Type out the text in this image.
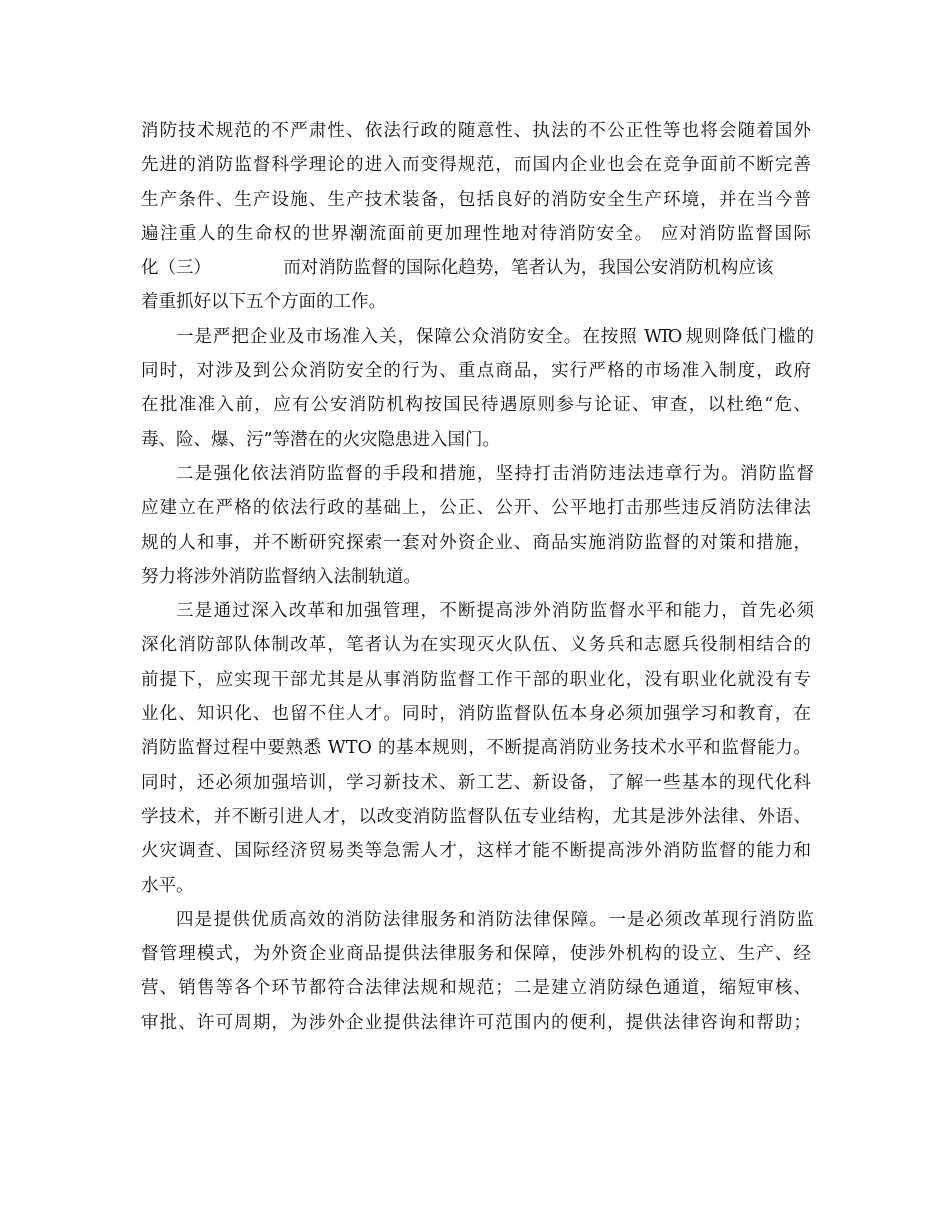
消防技术规范的不严肃性、依法行政的随意性、执法的不公正性等也将会随着国外
先进的消防监督科学理论的进入而变得规范，而国内企业也会在竞争面前不断完善
生产条件、生产设施、生产技术装备，包括良好的消防安全生产环境，并在当今普
遍注重人的生命权的世界潮流面前更加理性地对待消防安全。 应对消防监督国际
化（三）             而对消防监督的国际化趋势，笔者认为，我国公安消防机构应该
着重抓好以下五个方面的工作。
一是严把企业及市场准入关，保障公众消防安全。在按照 WTO 规则降低门槛的
同时，对涉及到公众消防安全的行为、重点商品，实行严格的市场准入制度，政府
在批准准入前，应有公安消防机构按国民待遇原则参与论证、审查，以杜绝“危、
毒、险、爆、污”等潜在的火灾隐患进入国门。
二是强化依法消防监督的手段和措施，坚持打击消防违法违章行为。消防监督
应建立在严格的依法行政的基础上，公正、公开、公平地打击那些违反消防法律法
规的人和事，并不断研究探索一套对外资企业、商品实施消防监督的对策和措施，
努力将涉外消防监督纳入法制轨道。
三是通过深入改革和加强管理，不断提高涉外消防监督水平和能力，首先必须
深化消防部队体制改革，笔者认为在实现灭火队伍、义务兵和志愿兵役制相结合的
前提下，应实现干部尤其是从事消防监督工作干部的职业化，没有职业化就没有专
业化、知识化、也留不住人才。同时，消防监督队伍本身必须加强学习和教育，在
消防监督过程中要熟悉 WTO 的基本规则，不断提高消防业务技术水平和监督能力。
同时，还必须加强培训，学习新技术、新工艺、新设备，了解一些基本的现代化科
学技术，并不断引进人才，以改变消防监督队伍专业结构，尤其是涉外法律、外语、
火灾调查、国际经济贸易类等急需人才，这样才能不断提高涉外消防监督的能力和
水平。
四是提供优质高效的消防法律服务和消防法律保障。一是必须改革现行消防监
督管理模式，为外资企业商品提供法律服务和保障，使涉外机构的设立、生产、经
营、销售等各个环节都符合法律法规和规范；二是建立消防绿色通道，缩短审核、
审批、许可周期，为涉外企业提供法律许可范围内的便利，提供法律咨询和帮助；
